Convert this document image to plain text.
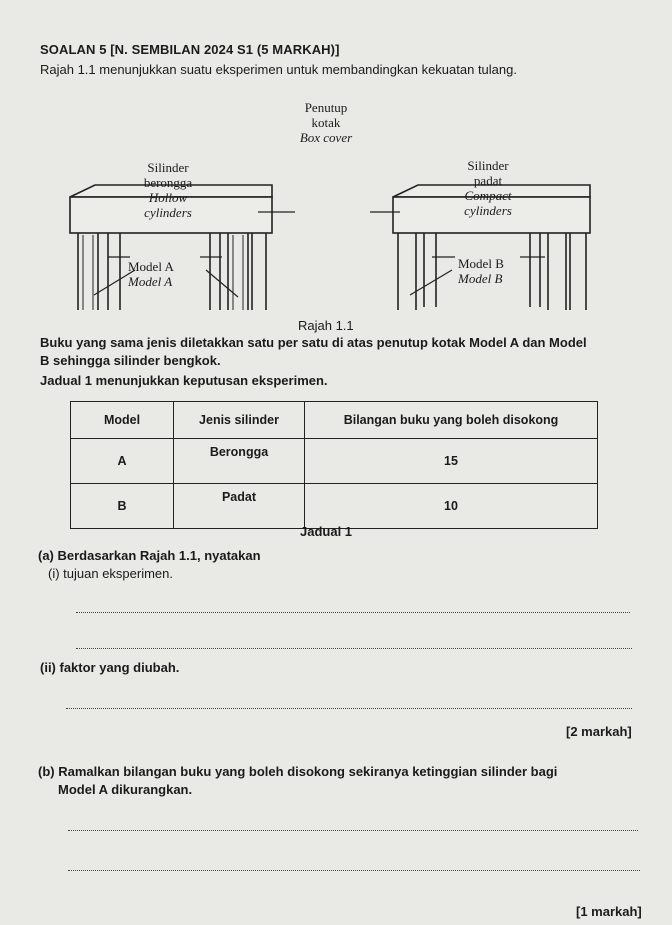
SOALAN 5 [N. SEMBILAN 2024 S1 (5 MARKAH)]
Rajah 1.1 menunjukkan suatu eksperimen untuk membandingkan kekuatan tulang.
Penutup
kotak
Box cover
Silinder
berongga
Hollow
cylinders
Silinder
padat
Compact
cylinders
Model A
Model A
Model B
Model B
Rajah 1.1
Buku yang sama jenis diletakkan satu per satu di atas penutup kotak Model A dan Model
B sehingga silinder bengkok.
Jadual 1 menunjukkan keputusan eksperimen.
Model	Jenis silinder	Bilangan buku yang boleh disokong
A	Berongga	15
B	Padat	10
Jadual 1
(a) Berdasarkan Rajah 1.1, nyatakan
(i) tujuan eksperimen.
(ii) faktor yang diubah.
[2 markah]
(b) Ramalkan bilangan buku yang boleh disokong sekiranya ketinggian silinder bagi
Model A dikurangkan.
[1 markah]
